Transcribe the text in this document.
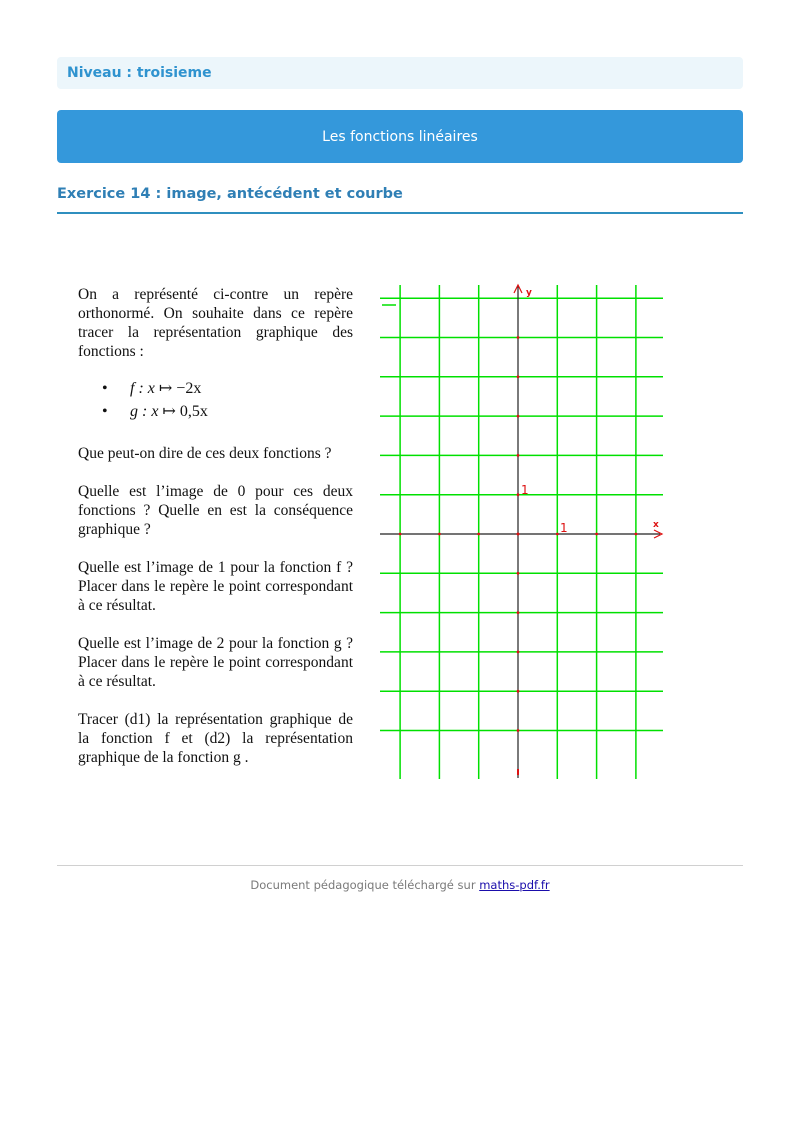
Niveau : troisieme
Les fonctions linéaires
Exercice 14 : image, antécédent et courbe

On a représenté ci-contre un repère orthonormé. On souhaite dans ce repère tracer la représentation graphique des fonctions :

• f : x ↦ −2x
• g : x ↦ 0,5x

Que peut-on dire de ces deux fonctions ?

Quelle est l’image de 0 pour ces deux fonctions ? Quelle en est la conséquence graphique ?

Quelle est l’image de 1 pour la fonction f ? Placer dans le repère le point correspondant à ce résultat.

Quelle est l’image de 2 pour la fonction g ? Placer dans le repère le point correspondant à ce résultat.

Tracer (d1) la représentation graphique de la fonction f et (d2) la représentation graphique de la fonction g .

x
y
1
1
Document pédagogique téléchargé sur maths-pdf.fr
